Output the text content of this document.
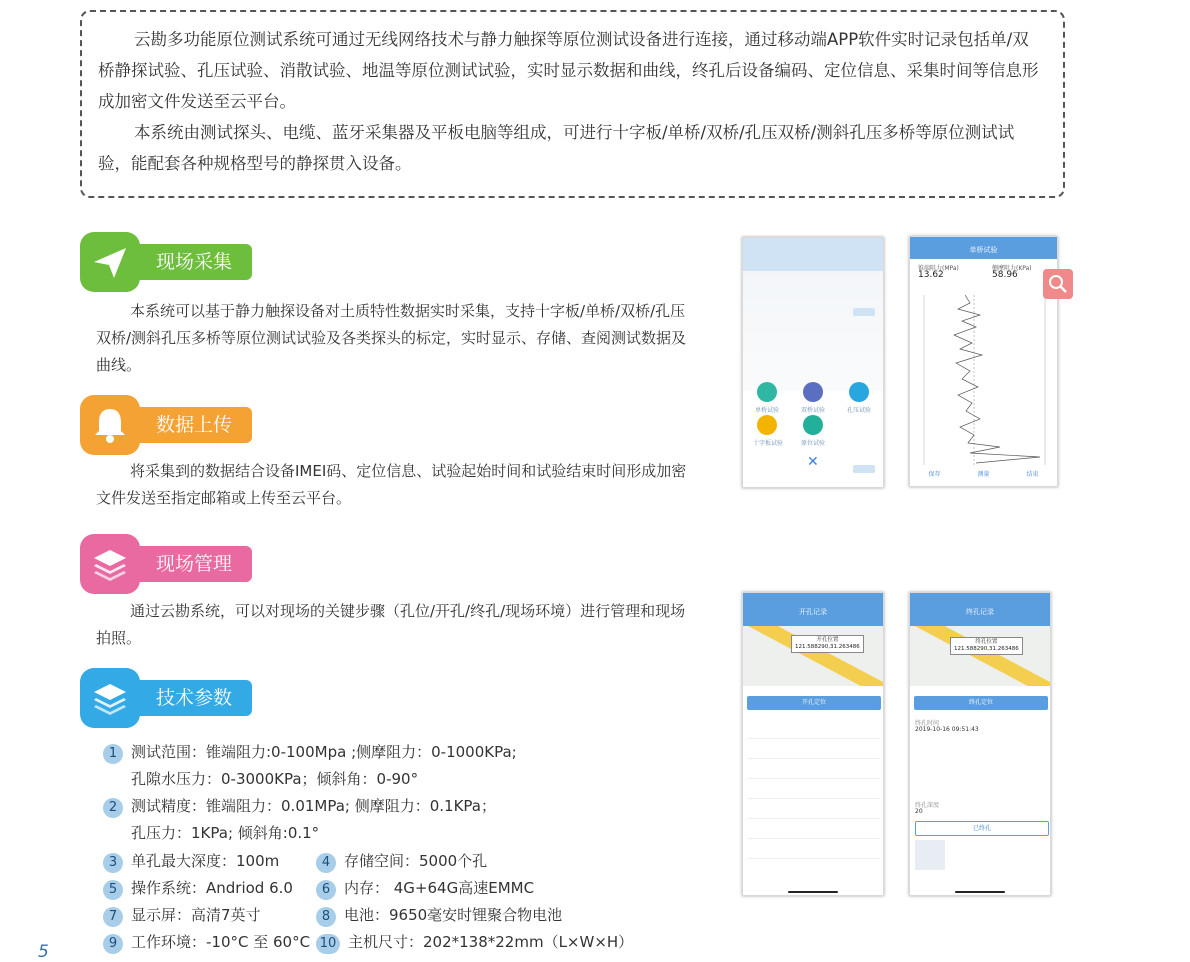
云勘多功能原位测试系统可通过无线网络技术与静力触探等原位测试设备进行连接，通过移动端APP软件实时记录包括单/双桥静探试验、孔压试验、消散试验、地温等原位测试试验，实时显示数据和曲线，终孔后设备编码、定位信息、采集时间等信息形成加密文件发送至云平台。

本系统由测试探头、电缆、蓝牙采集器及平板电脑等组成，可进行十字板/单桥/双桥/孔压双桥/测斜孔压多桥等原位测试试验，能配套各种规格型号的静探贯入设备。

现场采集

本系统可以基于静力触探设备对土质特性数据实时采集，支持十字板/单桥/双桥/孔压双桥/测斜孔压多桥等原位测试试验及各类探头的标定，实时显示、存储、查阅测试数据及曲线。

数据上传

将采集到的数据结合设备IMEI码、定位信息、试验起始时间和试验结束时间形成加密文件发送至指定邮箱或上传至云平台。

现场管理

通过云勘系统，可以对现场的关键步骤（孔位/开孔/终孔/现场环境）进行管理和现场拍照。

技术参数
1 测试范围：锥端阻力:0-100Mpa ;侧摩阻力：0-1000KPa;
孔隙水压力：0-3000KPa；倾斜角：0-90°
2 测试精度：锥端阻力：0.01MPa; 侧摩阻力：0.1KPa；
孔压力：1KPa; 倾斜角:0.1°
3 单孔最大深度：100m	4 存储空间：5000个孔
5 操作系统：Andriod 6.0	6 内存： 4G+64G高速EMMC
7 显示屏：高清7英寸	8 电池：9650毫安时锂聚合物电池
9 工作环境：-10°C 至 60°C 10 主机尺寸：202*138*22mm（L×W×H）
单桥试验	双桥试验	孔压试验
十字板试验	原位试验
✕
单桥试验
锥端阻力(MPa)
13.62
侧摩阻力(KPa)
58.96
保存	测量	结束
开孔记录
开孔位置
121.588290,31.263486
开孔定位
终孔记录
终孔位置
121.588290,31.263486
终孔定位
终孔时间
2019-10-16 09:51:43
终孔深度
20
已终孔
5
